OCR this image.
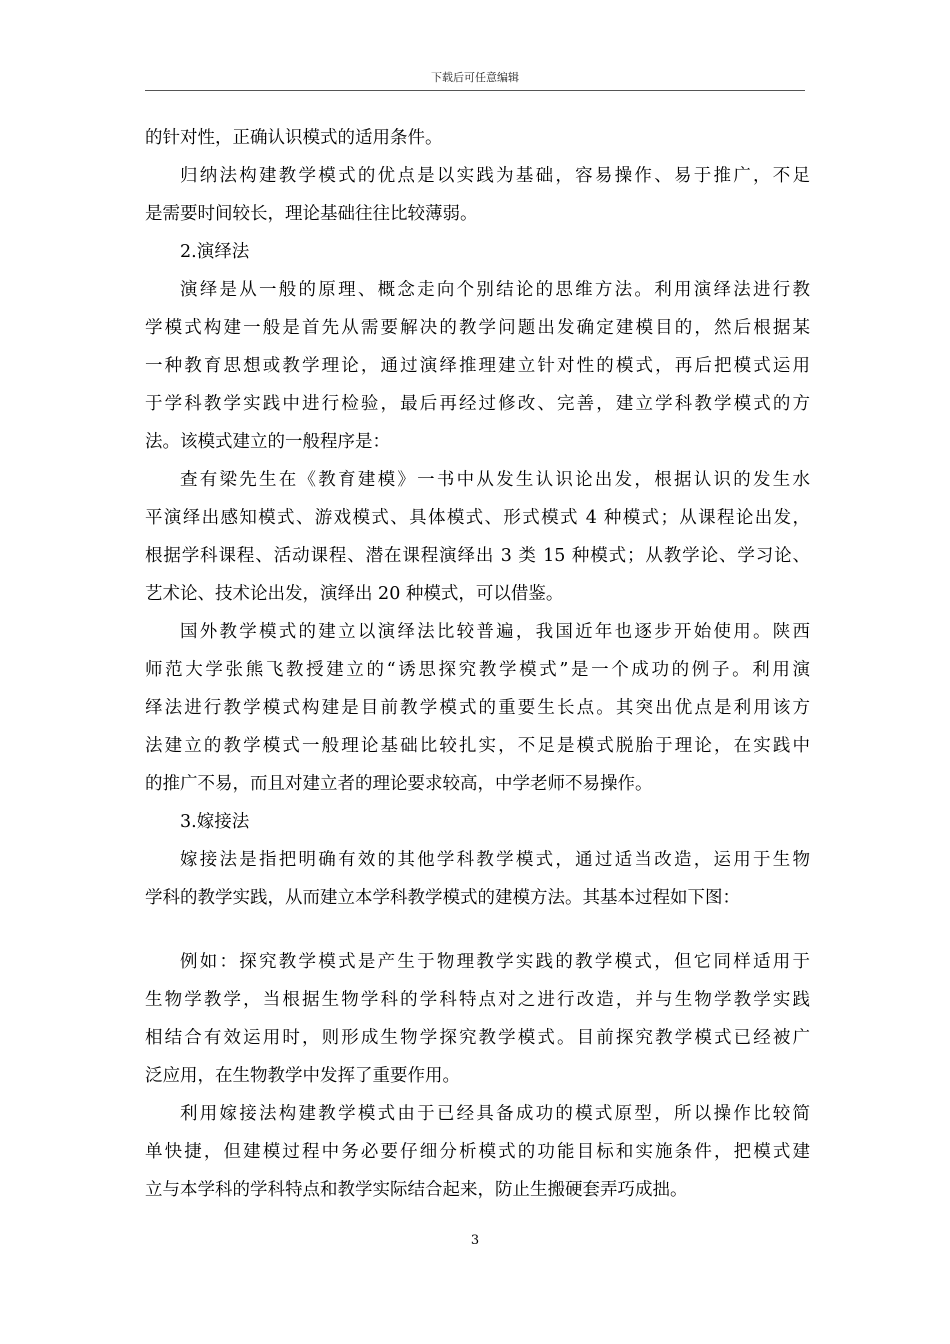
下载后可任意编辑
的针对性，正确认识模式的适用条件。
归纳法构建教学模式的优点是以实践为基础，容易操作、易于推广，不足
是需要时间较长，理论基础往往比较薄弱。
2.演绎法
演绎是从一般的原理、概念走向个别结论的思维方法。利用演绎法进行教
学模式构建一般是首先从需要解决的教学问题出发确定建模目的，然后根据某
一种教育思想或教学理论，通过演绎推理建立针对性的模式，再后把模式运用
于学科教学实践中进行检验，最后再经过修改、完善，建立学科教学模式的方
法。该模式建立的一般程序是：
查有梁先生在《教育建模》一书中从发生认识论出发，根据认识的发生水
平演绎出感知模式、游戏模式、具体模式、形式模式 4 种模式；从课程论出发，
根据学科课程、活动课程、潜在课程演绎出 3 类 15 种模式；从教学论、学习论、
艺术论、技术论出发，演绎出 20 种模式，可以借鉴。
国外教学模式的建立以演绎法比较普遍，我国近年也逐步开始使用。陕西
师范大学张熊飞教授建立的“诱思探究教学模式”是一个成功的例子。利用演
绎法进行教学模式构建是目前教学模式的重要生长点。其突出优点是利用该方
法建立的教学模式一般理论基础比较扎实，不足是模式脱胎于理论，在实践中
的推广不易，而且对建立者的理论要求较高，中学老师不易操作。
3.嫁接法
嫁接法是指把明确有效的其他学科教学模式，通过适当改造，运用于生物
学科的教学实践，从而建立本学科教学模式的建模方法。其基本过程如下图：
例如：探究教学模式是产生于物理教学实践的教学模式，但它同样适用于
生物学教学，当根据生物学科的学科特点对之进行改造，并与生物学教学实践
相结合有效运用时，则形成生物学探究教学模式。目前探究教学模式已经被广
泛应用，在生物教学中发挥了重要作用。
利用嫁接法构建教学模式由于已经具备成功的模式原型，所以操作比较简
单快捷，但建模过程中务必要仔细分析模式的功能目标和实施条件，把模式建
立与本学科的学科特点和教学实际结合起来，防止生搬硬套弄巧成拙。
3
